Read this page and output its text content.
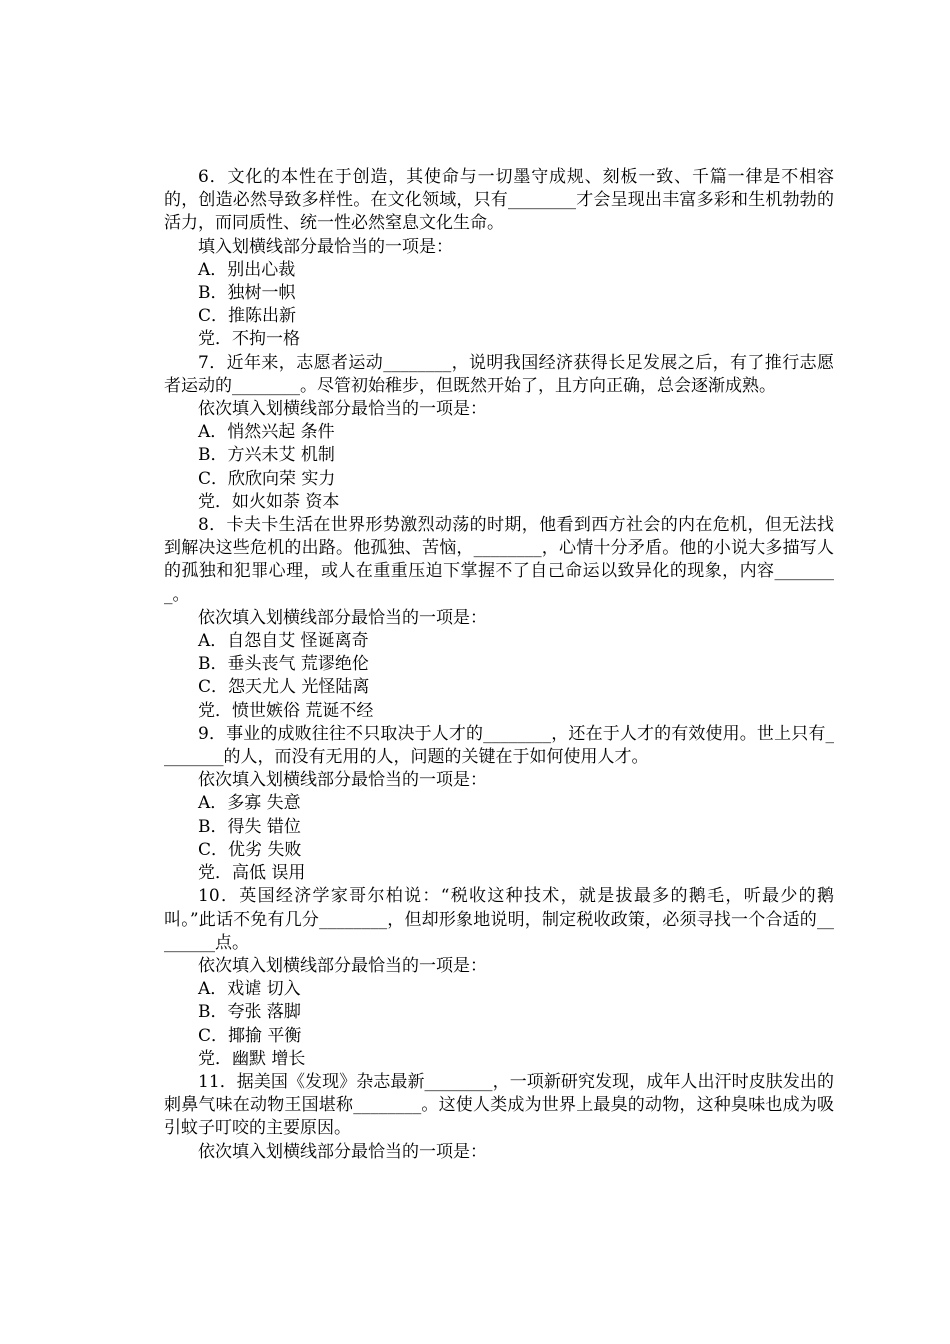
6．文化的本性在于创造，其使命与一切墨守成规、刻板一致、千篇一律是不相容的，创造必然导致多样性。在文化领域，只有________才会呈现出丰富多彩和生机勃勃的活力，而同质性、统一性必然窒息文化生命。

填入划横线部分最恰当的一项是：

A．别出心裁

B．独树一帜

C．推陈出新

党．不拘一格

7．近年来，志愿者运动________，说明我国经济获得长足发展之后，有了推行志愿者运动的________。尽管初始稚步，但既然开始了，且方向正确，总会逐渐成熟。

依次填入划横线部分最恰当的一项是：

A．悄然兴起 条件

B．方兴未艾 机制

C．欣欣向荣 实力

党．如火如荼 资本

8．卡夫卡生活在世界形势激烈动荡的时期，他看到西方社会的内在危机，但无法找到解决这些危机的出路。他孤独、苦恼，________，心情十分矛盾。他的小说大多描写人的孤独和犯罪心理，或人在重重压迫下掌握不了自己命运以致异化的现象，内容________。

依次填入划横线部分最恰当的一项是：

A．自怨自艾 怪诞离奇

B．垂头丧气 荒谬绝伦

C．怨天尤人 光怪陆离

党．愤世嫉俗 荒诞不经

9．事业的成败往往不只取决于人才的________，还在于人才的有效使用。世上只有________的人，而没有无用的人，问题的关键在于如何使用人才。

依次填入划横线部分最恰当的一项是：

A．多寡 失意

B．得失 错位

C．优劣 失败

党．高低 误用

10．英国经济学家哥尔柏说：“税收这种技术，就是拔最多的鹅毛，听最少的鹅叫。”此话不免有几分________，但却形象地说明，制定税收政策，必须寻找一个合适的________点。

依次填入划横线部分最恰当的一项是：

A．戏谑 切入

B．夸张 落脚

C．揶揄 平衡

党．幽默 增长

11．据美国《发现》杂志最新________，一项新研究发现，成年人出汗时皮肤发出的刺鼻气味在动物王国堪称________。这使人类成为世界上最臭的动物，这种臭味也成为吸引蚊子叮咬的主要原因。

依次填入划横线部分最恰当的一项是：
